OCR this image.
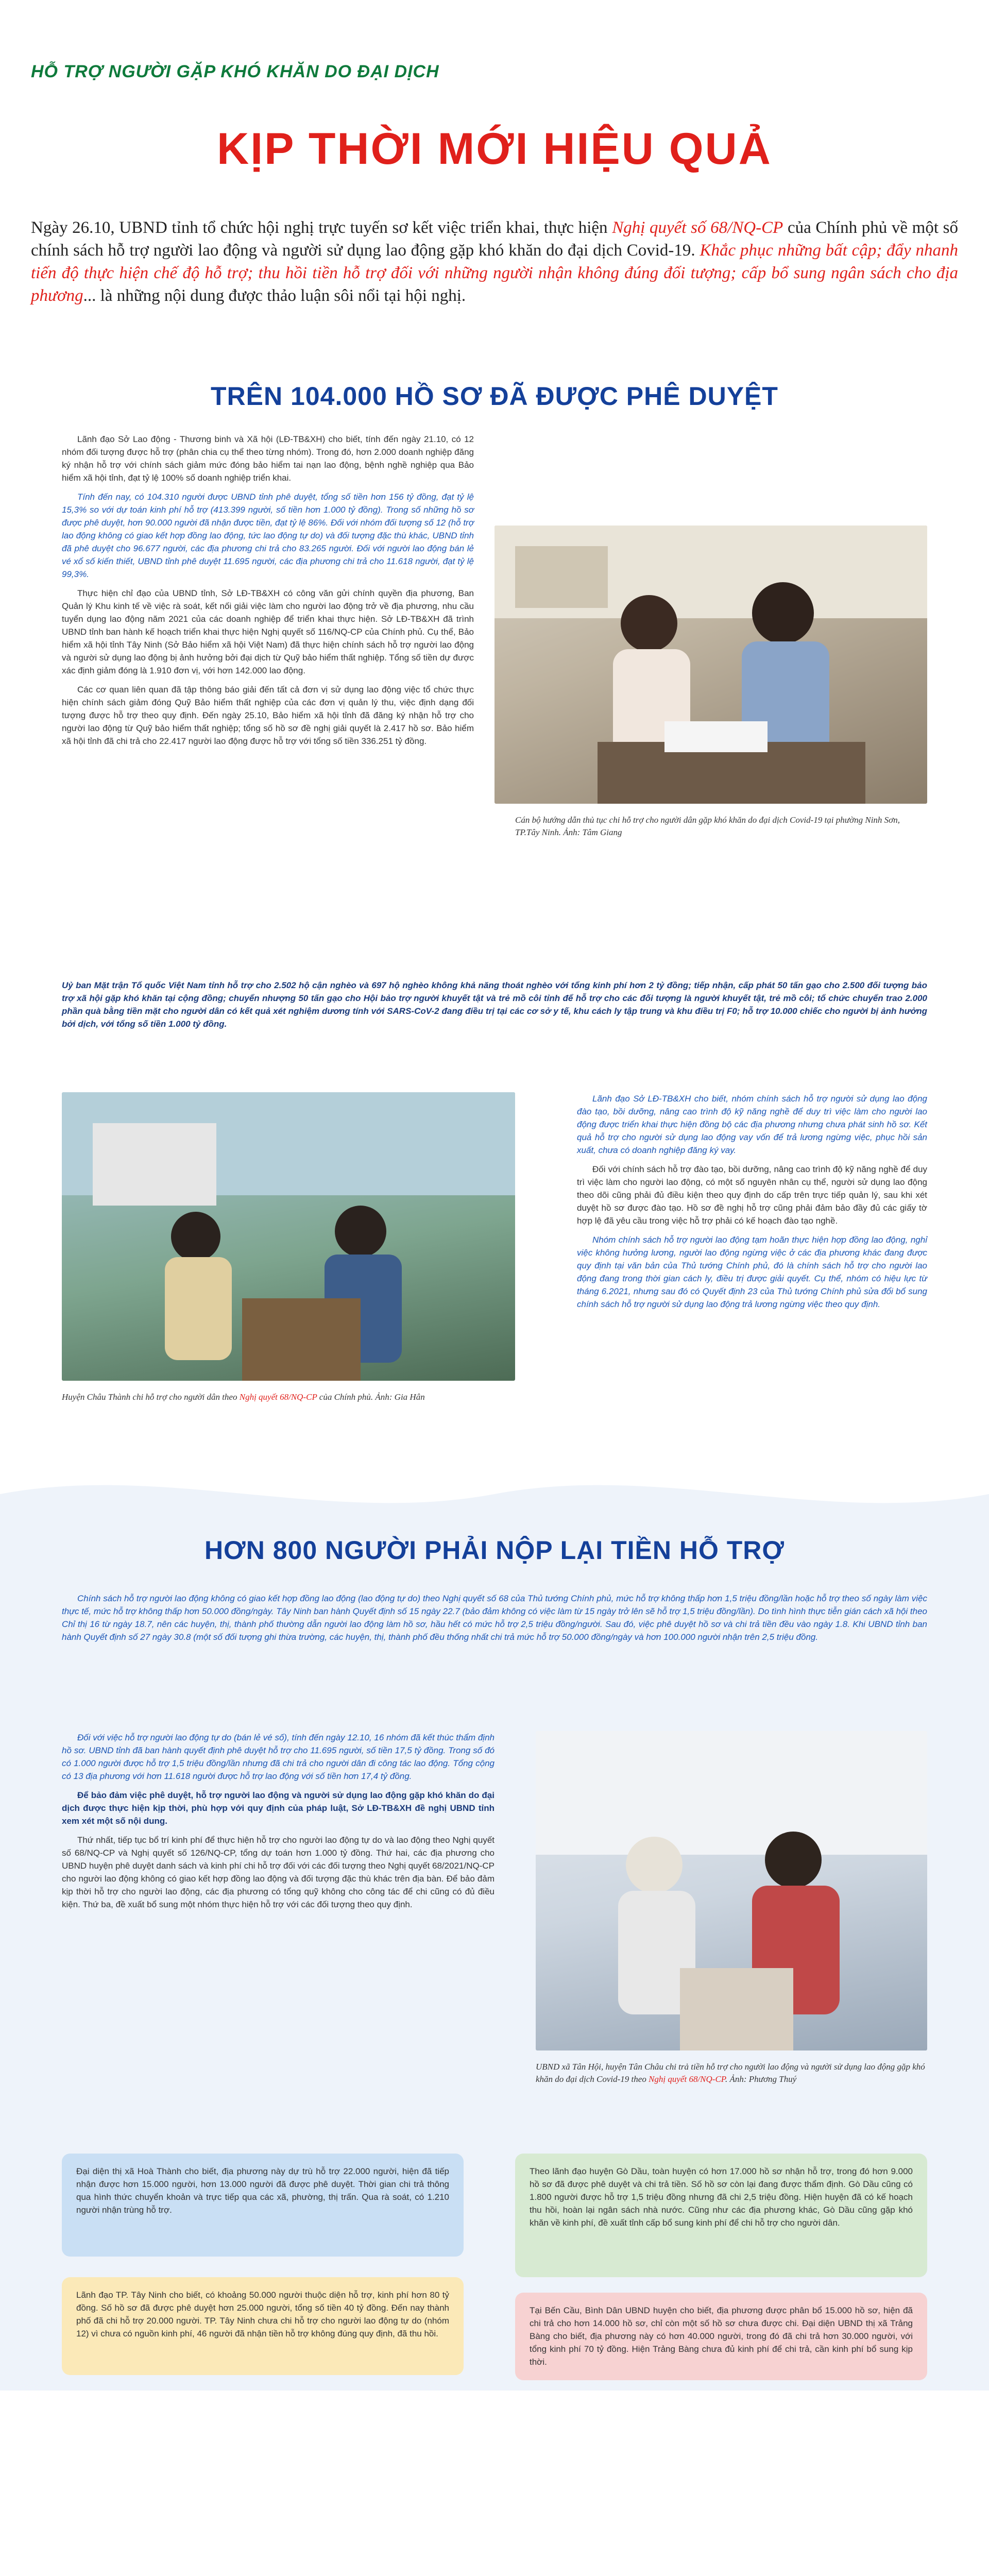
HỖ TRỢ NGƯỜI GẶP KHÓ KHĂN DO ĐẠI DỊCH
KỊP THỜI MỚI HIỆU QUẢ
Ngày 26.10, UBND tỉnh tổ chức hội nghị trực tuyến sơ kết việc triển khai, thực hiện Nghị quyết số 68/NQ-CP của Chính phủ về một số chính sách hỗ trợ người lao động và người sử dụng lao động gặp khó khăn do đại dịch Covid-19. Khắc phục những bất cập; đẩy nhanh tiến độ thực hiện chế độ hỗ trợ; thu hồi tiền hỗ trợ đối với những người nhận không đúng đối tượng; cấp bổ sung ngân sách cho địa phương... là những nội dung được thảo luận sôi nổi tại hội nghị.
TRÊN 104.000 HỒ SƠ ĐÃ ĐƯỢC PHÊ DUYỆT

Lãnh đạo Sở Lao động - Thương binh và Xã hội (LĐ-TB&XH) cho biết, tính đến ngày 21.10, có 12 nhóm đối tượng được hỗ trợ (phân chia cụ thể theo từng nhóm). Trong đó, hơn 2.000 doanh nghiệp đăng ký nhận hỗ trợ với chính sách giảm mức đóng bảo hiểm tai nạn lao động, bệnh nghề nghiệp qua Bảo hiểm xã hội tỉnh, đạt tỷ lệ 100% số doanh nghiệp triển khai.

Tính đến nay, có 104.310 người được UBND tỉnh phê duyệt, tổng số tiền hơn 156 tỷ đồng, đạt tỷ lệ 15,3% so với dự toán kinh phí hỗ trợ (413.399 người, số tiền hơn 1.000 tỷ đồng). Trong số những hồ sơ được phê duyệt, hơn 90.000 người đã nhận được tiền, đạt tỷ lệ 86%. Đối với nhóm đối tượng số 12 (hỗ trợ lao động không có giao kết hợp đồng lao động, tức lao động tự do) và đối tượng đặc thù khác, UBND tỉnh đã phê duyệt cho 96.677 người, các địa phương chi trả cho 83.265 người. Đối với người lao động bán lẻ vé xổ số kiến thiết, UBND tỉnh phê duyệt 11.695 người, các địa phương chi trả cho 11.618 người, đạt tỷ lệ 99,3%.

Thực hiện chỉ đạo của UBND tỉnh, Sở LĐ-TB&XH có công văn gửi chính quyền địa phương, Ban Quản lý Khu kinh tế về việc rà soát, kết nối giải việc làm cho người lao động trở về địa phương, nhu cầu tuyển dụng lao động năm 2021 của các doanh nghiệp để triển khai thực hiện. Sở LĐ-TB&XH đã trình UBND tỉnh ban hành kế hoạch triển khai thực hiện Nghị quyết số 116/NQ-CP của Chính phủ. Cụ thể, Bảo hiểm xã hội tỉnh Tây Ninh (Sở Bảo hiểm xã hội Việt Nam) đã thực hiện chính sách hỗ trợ người lao động và người sử dụng lao động bị ảnh hưởng bởi đại dịch từ Quỹ bảo hiểm thất nghiệp. Tổng số tiền dự được xác định giảm đóng là 1.910 đơn vị, với hơn 142.000 lao động.

Các cơ quan liên quan đã tập thông báo giải đến tất cả đơn vị sử dụng lao động việc tổ chức thực hiện chính sách giảm đóng Quỹ Bảo hiểm thất nghiệp của các đơn vị quản lý thu, việc định dạng đối tượng được hỗ trợ theo quy định. Đến ngày 25.10, Bảo hiểm xã hội tỉnh đã đăng ký nhận hỗ trợ cho người lao động từ Quỹ bảo hiểm thất nghiệp; tổng số hồ sơ đề nghị giải quyết là 2.417 hồ sơ. Bảo hiểm xã hội tỉnh đã chi trả cho 22.417 người lao động được hỗ trợ với tổng số tiền 336.251 tỷ đồng.

Cán bộ hướng dẫn thủ tục chi hỗ trợ cho người dân gặp khó khăn do đại dịch Covid-19 tại phường Ninh Sơn, TP.Tây Ninh. Ảnh: Tâm Giang
Uỷ ban Mặt trận Tổ quốc Việt Nam tỉnh hỗ trợ cho 2.502 hộ cận nghèo và 697 hộ nghèo không khả năng thoát nghèo với tổng kinh phí hơn 2 tỷ đồng; tiếp nhận, cấp phát 50 tấn gạo cho 2.500 đối tượng bảo trợ xã hội gặp khó khăn tại cộng đồng; chuyển nhượng 50 tấn gạo cho Hội bảo trợ người khuyết tật và trẻ mồ côi tỉnh để hỗ trợ cho các đối tượng là người khuyết tật, trẻ mồ côi; tổ chức chuyển trao 2.000 phần quà bằng tiền mặt cho người dân có kết quả xét nghiệm dương tính với SARS-CoV-2 đang điều trị tại các cơ sở y tế, khu cách ly tập trung và khu điều trị F0; hỗ trợ 10.000 chiếc cho người bị ảnh hưởng bởi dịch, với tổng số tiền 1.000 tỷ đồng.
Huyện Châu Thành chi hỗ trợ cho người dân theo Nghị quyết 68/NQ-CP của Chính phủ. Ảnh: Gia Hân

Lãnh đạo Sở LĐ-TB&XH cho biết, nhóm chính sách hỗ trợ người sử dụng lao động đào tạo, bồi dưỡng, nâng cao trình độ kỹ năng nghề để duy trì việc làm cho người lao động được triển khai thực hiện đồng bộ các địa phương nhưng chưa phát sinh hồ sơ. Kết quả hỗ trợ cho người sử dụng lao động vay vốn để trả lương ngừng việc, phục hồi sản xuất, chưa có doanh nghiệp đăng ký vay.

Đối với chính sách hỗ trợ đào tạo, bồi dưỡng, nâng cao trình độ kỹ năng nghề để duy trì việc làm cho người lao động, có một số nguyên nhân cụ thể, người sử dụng lao động theo dõi cũng phải đủ điều kiện theo quy định do cấp trên trực tiếp quản lý, sau khi xét duyệt hồ sơ được đào tạo. Hồ sơ đề nghị hỗ trợ cũng phải đảm bảo đầy đủ các giấy tờ hợp lệ đã yêu cầu trong việc hỗ trợ phải có kế hoạch đào tạo nghề.

Nhóm chính sách hỗ trợ người lao động tạm hoãn thực hiện hợp đồng lao động, nghỉ việc không hưởng lương, người lao động ngừng việc ở các địa phương khác đang được quy định tại văn bản của Thủ tướng Chính phủ, đó là chính sách hỗ trợ cho người lao động đang trong thời gian cách ly, điều trị được giải quyết. Cụ thể, nhóm có hiệu lực từ tháng 6.2021, nhưng sau đó có Quyết định 23 của Thủ tướng Chính phủ sửa đổi bổ sung chính sách hỗ trợ người sử dụng lao động trả lương ngừng việc theo quy định.

HƠN 800 NGƯỜI PHẢI NỘP LẠI TIỀN HỖ TRỢ

Chính sách hỗ trợ người lao động không có giao kết hợp đồng lao động (lao động tự do) theo Nghị quyết số 68 của Thủ tướng Chính phủ, mức hỗ trợ không thấp hơn 1,5 triệu đồng/lần hoặc hỗ trợ theo số ngày làm việc thực tế, mức hỗ trợ không thấp hơn 50.000 đồng/ngày. Tây Ninh ban hành Quyết định số 15 ngày 22.7 (bảo đảm không có việc làm từ 15 ngày trở lên sẽ hỗ trợ 1,5 triệu đồng/lần). Do tình hình thực tiễn gián cách xã hội theo Chỉ thị 16 từ ngày 18.7, nên các huyện, thị, thành phố thường dẫn người lao động làm hồ sơ, hầu hết có mức hỗ trợ 2,5 triệu đồng/người. Sau đó, việc phê duyệt hồ sơ và chi trả tiền đều vào ngày 1.8. Khi UBND tỉnh ban hành Quyết định số 27 ngày 30.8 (một số đối tượng ghi thừa trường, các huyện, thị, thành phố đều thống nhất chi trả mức hỗ trợ 50.000 đồng/ngày và hơn 100.000 người nhận trên 2,5 triệu đồng.

Đối với việc hỗ trợ người lao động tự do (bán lẻ vé số), tính đến ngày 12.10, 16 nhóm đã kết thúc thẩm định hồ sơ. UBND tỉnh đã ban hành quyết định phê duyệt hỗ trợ cho 11.695 người, số tiền 17,5 tỷ đồng. Trong số đó có 1.000 người được hỗ trợ 1,5 triệu đồng/lần nhưng đã chi trả cho người dân đi công tác lao động. Tổng cộng có 13 địa phương với hơn 11.618 người được hỗ trợ lao động với số tiền hơn 17,4 tỷ đồng.

Để bảo đảm việc phê duyệt, hỗ trợ người lao động và người sử dụng lao động gặp khó khăn do đại dịch được thực hiện kịp thời, phù hợp với quy định của pháp luật, Sở LĐ-TB&XH đề nghị UBND tỉnh xem xét một số nội dung.

Thứ nhất, tiếp tục bổ trí kinh phí để thực hiện hỗ trợ cho người lao động tự do và lao động theo Nghị quyết số 68/NQ-CP và Nghị quyết số 126/NQ-CP, tổng dự toán hơn 1.000 tỷ đồng. Thứ hai, các địa phương cho UBND huyện phê duyệt danh sách và kinh phí chi hỗ trợ đối với các đối tượng theo Nghị quyết 68/2021/NQ-CP cho người lao động không có giao kết hợp đồng lao động và đối tượng đặc thù khác trên địa bàn. Để bảo đảm kịp thời hỗ trợ cho người lao động, các địa phương có tổng quỹ không cho công tác để chi cũng có đủ điều kiện. Thứ ba, đề xuất bổ sung một nhóm thực hiện hỗ trợ với các đối tượng theo quy định.

UBND xã Tân Hội, huyện Tân Châu chi trả tiền hỗ trợ cho người lao động và người sử dụng lao động gặp khó khăn do đại dịch Covid-19 theo Nghị quyết 68/NQ-CP. Ảnh: Phương Thuý
Đại diện thị xã Hoà Thành cho biết, địa phương này dự trù hỗ trợ 22.000 người, hiện đã tiếp nhận được hơn 15.000 người, hơn 13.000 người đã được phê duyệt. Thời gian chi trả thông qua hình thức chuyển khoản và trực tiếp qua các xã, phường, thị trấn. Qua rà soát, có 1.210 người nhận trùng hỗ trợ.
Theo lãnh đạo huyện Gò Dầu, toàn huyện có hơn 17.000 hồ sơ nhận hỗ trợ, trong đó hơn 9.000 hồ sơ đã được phê duyệt và chi trả tiền. Số hồ sơ còn lại đang được thẩm định. Gò Dầu cũng có 1.800 người được hỗ trợ 1,5 triệu đồng nhưng đã chi 2,5 triệu đồng. Hiện huyện đã có kế hoạch thu hồi, hoàn lại ngân sách nhà nước. Cũng như các địa phương khác, Gò Dầu cũng gặp khó khăn về kinh phí, đề xuất tỉnh cấp bổ sung kinh phí để chi hỗ trợ cho người dân.
Lãnh đạo TP. Tây Ninh cho biết, có khoảng 50.000 người thuộc diện hỗ trợ, kinh phí hơn 80 tỷ đồng. Số hồ sơ đã được phê duyệt hơn 25.000 người, tổng số tiền 40 tỷ đồng. Đến nay thành phố đã chi hỗ trợ 20.000 người. TP. Tây Ninh chưa chi hỗ trợ cho người lao động tự do (nhóm 12) vì chưa có nguồn kinh phí, 46 người đã nhận tiền hỗ trợ không đúng quy định, đã thu hồi.
Tại Bến Cầu, Bình Dân UBND huyện cho biết, địa phương được phân bổ 15.000 hồ sơ, hiện đã chi trả cho hơn 14.000 hồ sơ, chỉ còn một số hồ sơ chưa được chi. Đại diện UBND thị xã Trảng Bàng cho biết, địa phương này có hơn 40.000 người, trong đó đã chi trả hơn 30.000 người, với tổng kinh phí 70 tỷ đồng. Hiện Trảng Bàng chưa đủ kinh phí để chi trả, cần kinh phí bổ sung kịp thời.
